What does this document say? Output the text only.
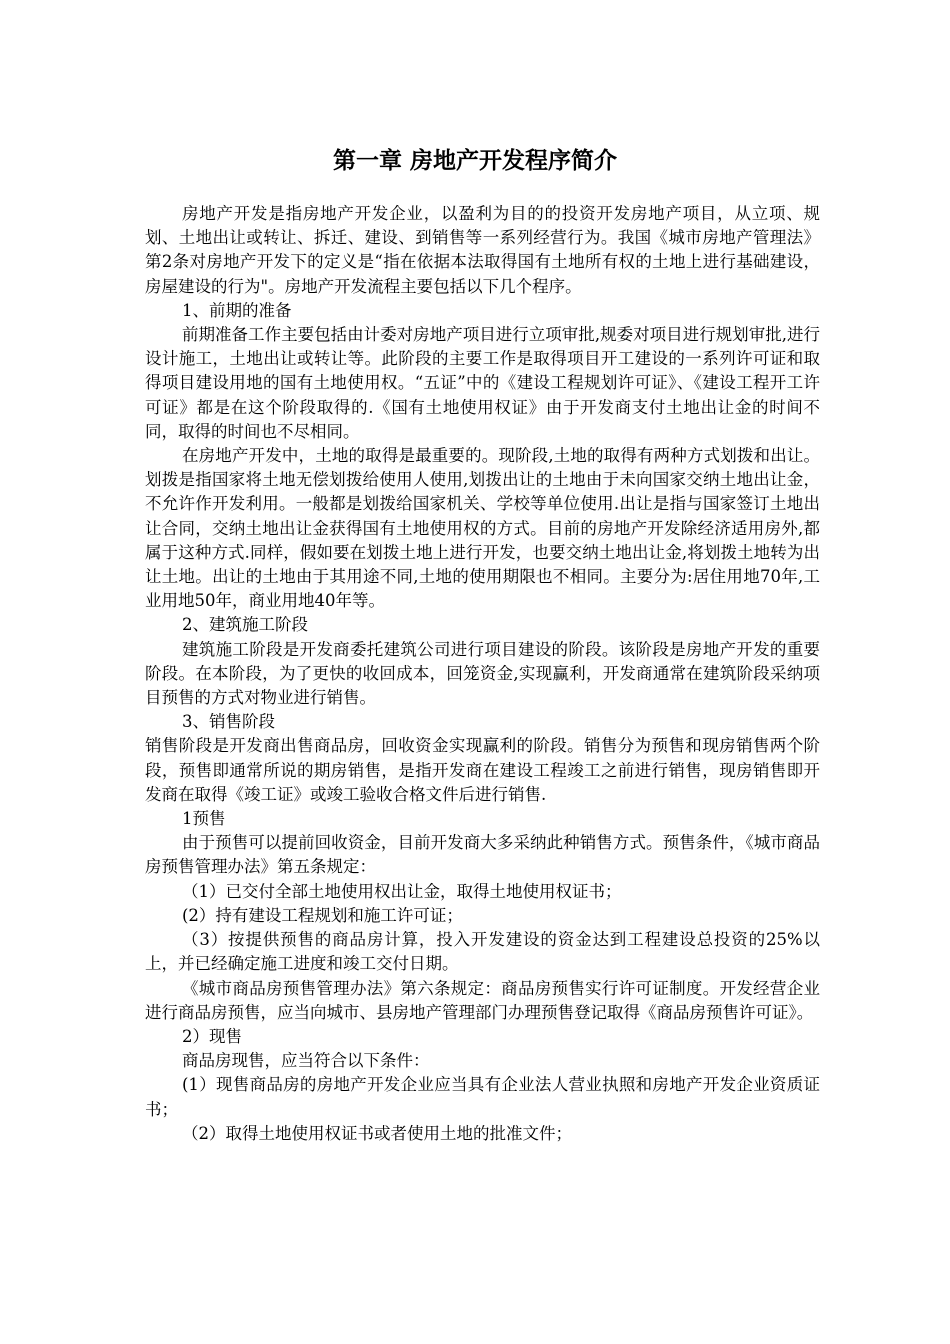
第一章 房地产开发程序简介

房地产开发是指房地产开发企业，以盈利为目的的投资开发房地产项目，从立项、规划、土地出让或转让、拆迁、建设、到销售等一系列经营行为。我国《城市房地产管理法》第2条对房地产开发下的定义是“指在依据本法取得国有土地所有权的土地上进行基础建设，房屋建设的行为"。房地产开发流程主要包括以下几个程序。

1、前期的准备

前期准备工作主要包括由计委对房地产项目进行立项审批,规委对项目进行规划审批,进行设计施工，土地出让或转让等。此阶段的主要工作是取得项目开工建设的一系列许可证和取得项目建设用地的国有土地使用权。“五证”中的《建设工程规划许可证》、《建设工程开工许可证》都是在这个阶段取得的.《国有土地使用权证》由于开发商支付土地出让金的时间不同，取得的时间也不尽相同。

在房地产开发中，土地的取得是最重要的。现阶段,土地的取得有两种方式划拨和出让。划拨是指国家将土地无偿划拨给使用人使用,划拨出让的土地由于未向国家交纳土地出让金，不允许作开发利用。一般都是划拨给国家机关、学校等单位使用.出让是指与国家签订土地出让合同，交纳土地出让金获得国有土地使用权的方式。目前的房地产开发除经济适用房外,都属于这种方式.同样，假如要在划拨土地上进行开发，也要交纳土地出让金,将划拨土地转为出让土地。出让的土地由于其用途不同,土地的使用期限也不相同。主要分为:居住用地70年,工业用地50年，商业用地40年等。

2、建筑施工阶段

建筑施工阶段是开发商委托建筑公司进行项目建设的阶段。该阶段是房地产开发的重要阶段。在本阶段，为了更快的收回成本，回笼资金,实现赢利，开发商通常在建筑阶段采纳项目预售的方式对物业进行销售。

3、销售阶段

销售阶段是开发商出售商品房，回收资金实现赢利的阶段。销售分为预售和现房销售两个阶段，预售即通常所说的期房销售，是指开发商在建设工程竣工之前进行销售，现房销售即开发商在取得《竣工证》或竣工验收合格文件后进行销售.

1预售

由于预售可以提前回收资金，目前开发商大多采纳此种销售方式。预售条件，《城市商品房预售管理办法》第五条规定：

（1）已交付全部土地使用权出让金，取得土地使用权证书；

(2）持有建设工程规划和施工许可证；

（3）按提供预售的商品房计算，投入开发建设的资金达到工程建设总投资的25%以上，并已经确定施工进度和竣工交付日期。

《城市商品房预售管理办法》第六条规定：商品房预售实行许可证制度。开发经营企业进行商品房预售，应当向城市、县房地产管理部门办理预售登记取得《商品房预售许可证》。

2）现售

商品房现售，应当符合以下条件：

(1）现售商品房的房地产开发企业应当具有企业法人营业执照和房地产开发企业资质证书；

（2）取得土地使用权证书或者使用土地的批准文件；
